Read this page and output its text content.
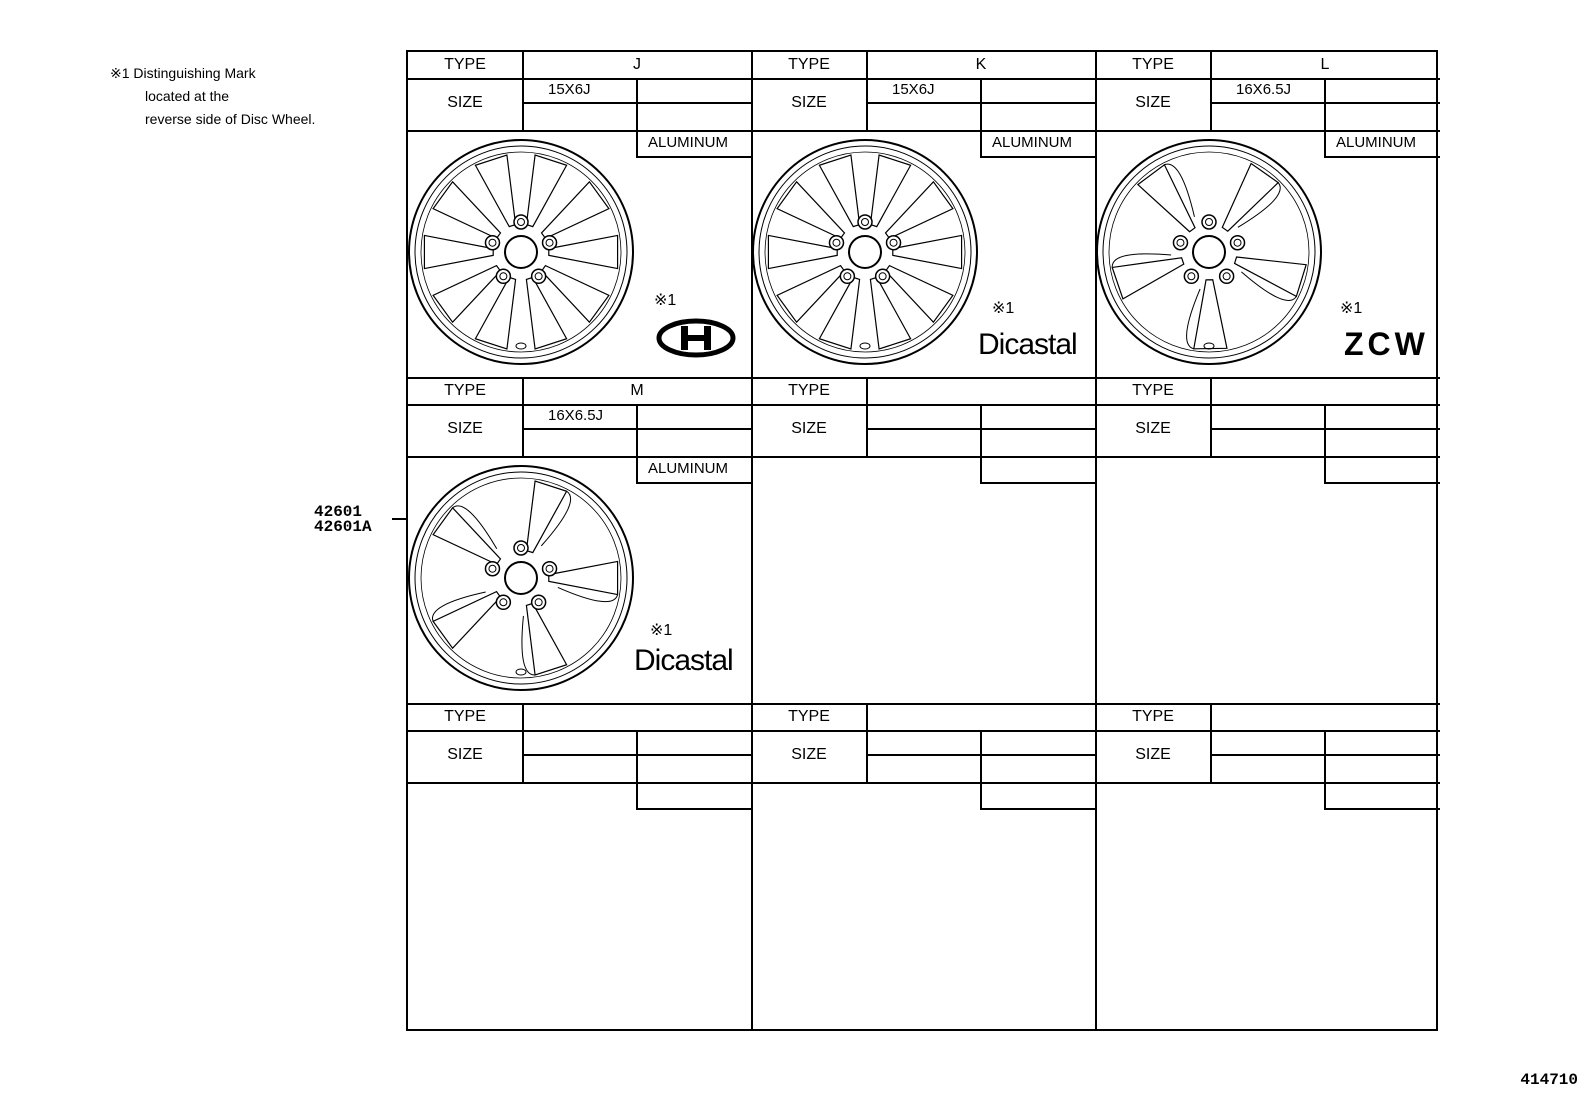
※1 Distinguishing Mark
located at the
reverse side of Disc Wheel.
42601
42601A
TYPE
SIZE
J
15X6J
ALUMINUM
※1
TYPE
SIZE
K
15X6J
ALUMINUM
※1
Dicastal
TYPE
SIZE
L
16X6.5J
ALUMINUM
※1
ZCW
TYPE
SIZE
M
16X6.5J
ALUMINUM
※1
Dicastal
TYPE
SIZE
TYPE
SIZE
TYPE
SIZE
TYPE
SIZE
TYPE
SIZE
414710
